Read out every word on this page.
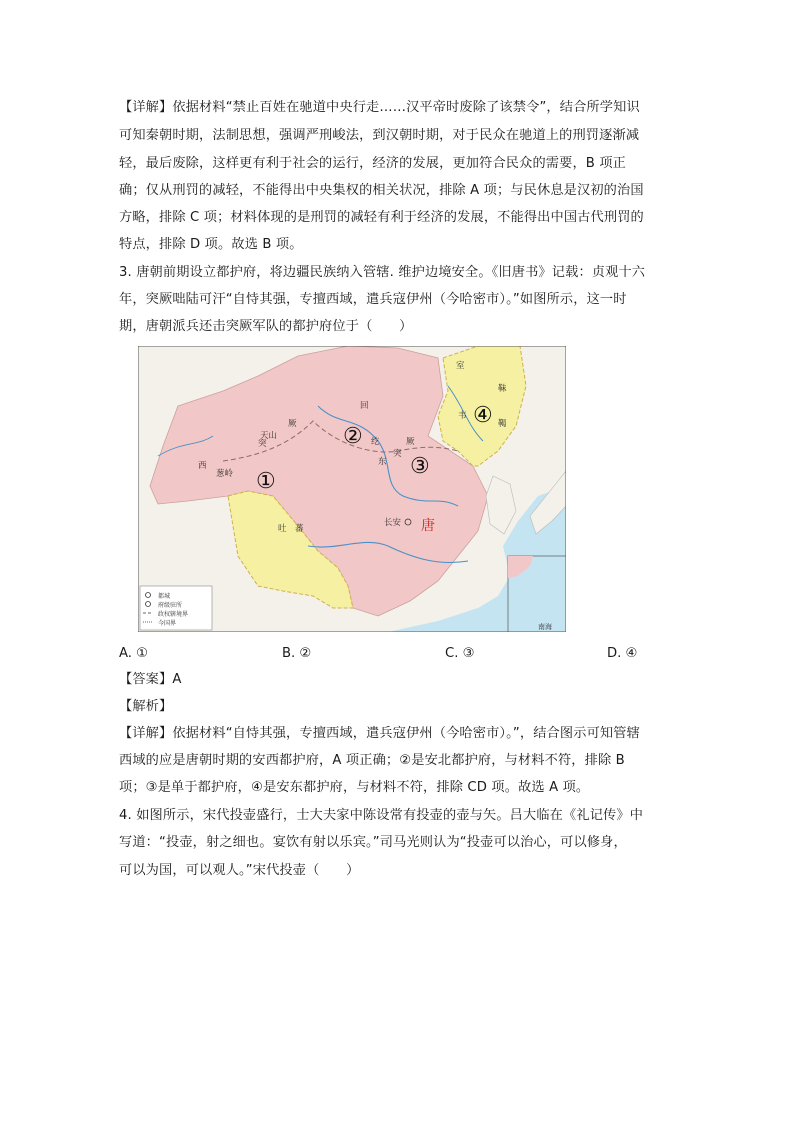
【详解】依据材料“禁止百姓在驰道中央行走……汉平帝时废除了该禁令”，结合所学知识
可知秦朝时期，法制思想，强调严刑峻法，到汉朝时期，对于民众在驰道上的刑罚逐渐减
轻，最后废除，这样更有利于社会的运行，经济的发展，更加符合民众的需要，B 项正
确；仅从刑罚的减轻，不能得出中央集权的相关状况，排除 A 项；与民休息是汉初的治国
方略，排除 C 项；材料体现的是刑罚的减轻有利于经济的发展，不能得出中国古代刑罚的
特点，排除 D 项。故选 B 项。
3. 唐朝前期设立都护府，将边疆民族纳入管辖. 维护边境安全。《旧唐书》记载：贞观十六
年，突厥咄陆可汗“自恃其强，专擅西域，遣兵寇伊州（今哈密市）。”如图所示，这一时
期，唐朝派兵还击突厥军队的都护府位于（　　）
①
②
③
④
唐
长安
吐　蕃
室
靺
鞨
韦
回
纥
突
厥
天山
厥
东
突
西
葱岭
南海
都城
府级驻所
政权辖境界
今国界
A. ①	B. ②	C. ③	D. ④
【答案】A
【解析】
【详解】依据材料“自恃其强，专擅西域，遣兵寇伊州（今哈密市）。”，结合图示可知管辖
西域的应是唐朝时期的安西都护府，A 项正确；②是安北都护府，与材料不符，排除 B
项；③是单于都护府，④是安东都护府，与材料不符，排除 CD 项。故选 A 项。
4. 如图所示，宋代投壶盛行，士大夫家中陈设常有投壶的壶与矢。吕大临在《礼记传》中
写道：“投壶，射之细也。宴饮有射以乐宾。”司马光则认为“投壶可以治心，可以修身，
可以为国，可以观人。”宋代投壶（　　）
